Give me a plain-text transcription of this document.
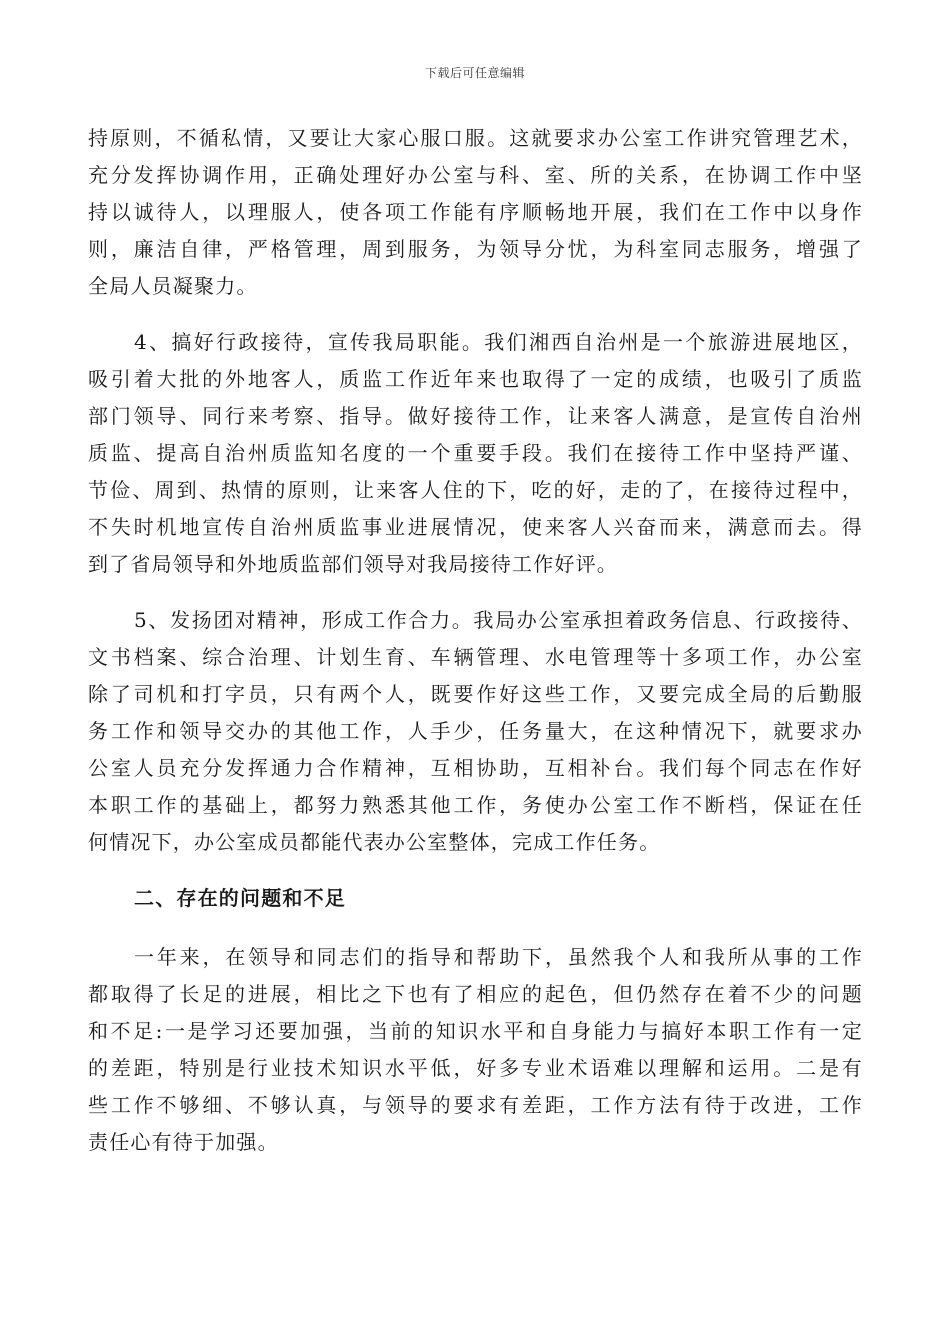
下载后可任意编辑
持原则，不循私情，又要让大家心服口服。这就要求办公室工作讲究管理艺术，
充分发挥协调作用，正确处理好办公室与科、室、所的关系，在协调工作中坚
持以诚待人，以理服人，使各项工作能有序顺畅地开展，我们在工作中以身作
则，廉洁自律，严格管理，周到服务，为领导分忧，为科室同志服务，增强了
全局人员凝聚力。
4、搞好行政接待，宣传我局职能。我们湘西自治州是一个旅游进展地区，
吸引着大批的外地客人，质监工作近年来也取得了一定的成绩，也吸引了质监
部门领导、同行来考察、指导。做好接待工作，让来客人满意，是宣传自治州
质监、提高自治州质监知名度的一个重要手段。我们在接待工作中坚持严谨、
节俭、周到、热情的原则，让来客人住的下，吃的好，走的了，在接待过程中，
不失时机地宣传自治州质监事业进展情况，使来客人兴奋而来，满意而去。得
到了省局领导和外地质监部们领导对我局接待工作好评。
5、发扬团对精神，形成工作合力。我局办公室承担着政务信息、行政接待、
文书档案、综合治理、计划生育、车辆管理、水电管理等十多项工作，办公室
除了司机和打字员，只有两个人，既要作好这些工作，又要完成全局的后勤服
务工作和领导交办的其他工作，人手少，任务量大，在这种情况下，就要求办
公室人员充分发挥通力合作精神，互相协助，互相补台。我们每个同志在作好
本职工作的基础上，都努力熟悉其他工作，务使办公室工作不断档，保证在任
何情况下，办公室成员都能代表办公室整体，完成工作任务。
二、存在的问题和不足
一年来，在领导和同志们的指导和帮助下，虽然我个人和我所从事的工作
都取得了长足的进展，相比之下也有了相应的起色，但仍然存在着不少的问题
和不足:一是学习还要加强，当前的知识水平和自身能力与搞好本职工作有一定
的差距，特别是行业技术知识水平低，好多专业术语难以理解和运用。二是有
些工作不够细、不够认真，与领导的要求有差距，工作方法有待于改进，工作
责任心有待于加强。
